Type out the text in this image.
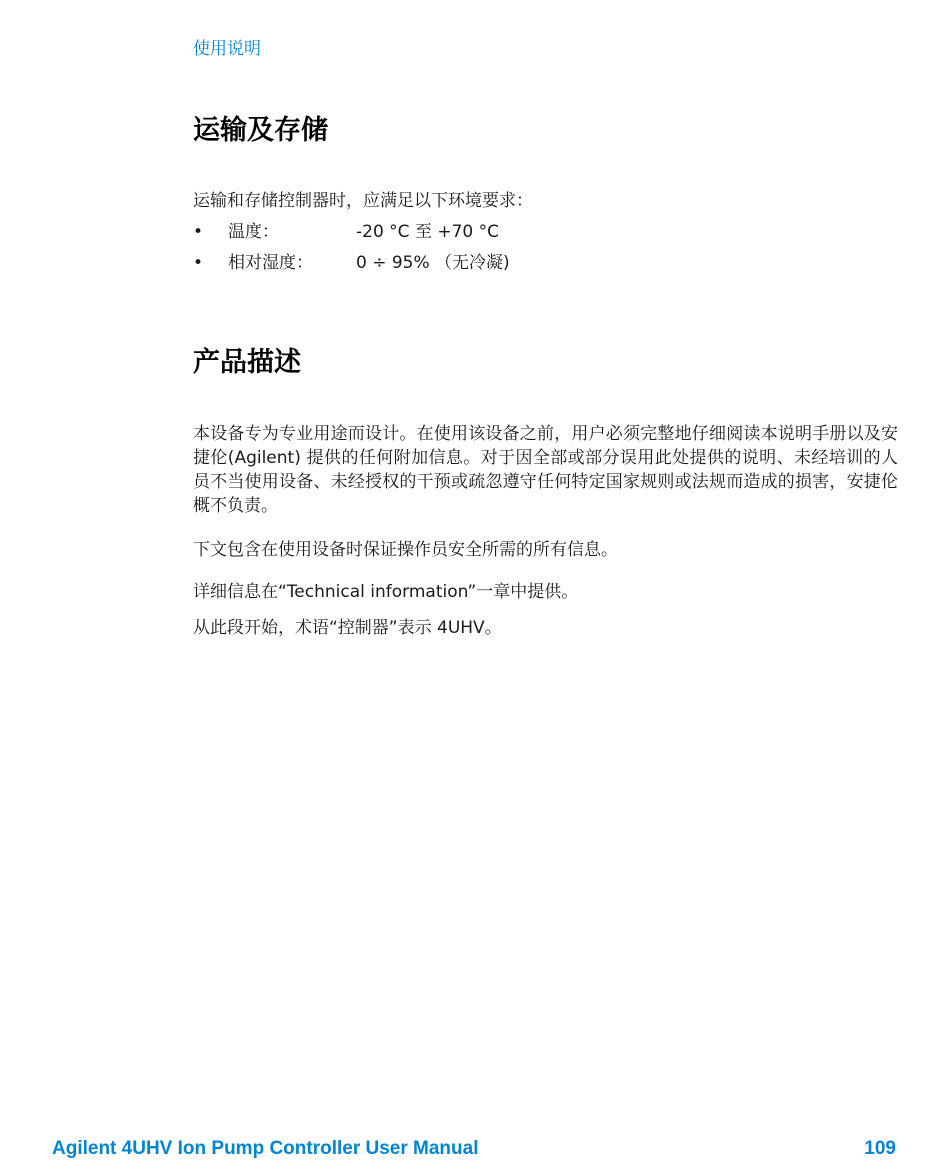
使用说明
运输及存储

运输和存储控制器时，应满足以下环境要求：

• 温度：	-20 °C 至 +70 °C
• 相对湿度：	0 ÷ 95% （无冷凝)
产品描述

本设备专为专业用途而设计。在使用该设备之前，用户必须完整地仔细阅读本说明手册以及安捷伦(Agilent) 提供的任何附加信息。对于因全部或部分误用此处提供的说明、未经培训的人员不当使用设备、未经授权的干预或疏忽遵守任何特定国家规则或法规而造成的损害，安捷伦概不负责。

下文包含在使用设备时保证操作员安全所需的所有信息。

详细信息在“Technical information”一章中提供。

从此段开始，术语“控制器”表示 4UHV。

Agilent 4UHV Ion Pump Controller User Manual	109
